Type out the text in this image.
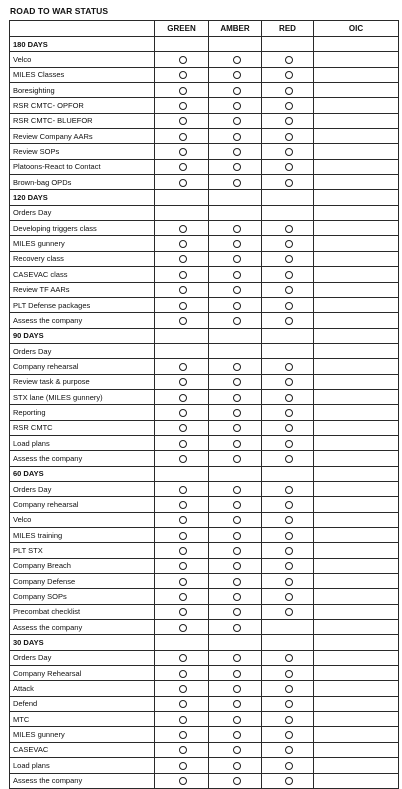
ROAD TO WAR STATUS
	GREEN	AMBER	RED	OIC
180 DAYS				
Velco				
MILES Classes				
Boresighting				
RSR CMTC- OPFOR				
RSR CMTC- BLUEFOR				
Review Company AARs				
Review SOPs				
Platoons-React to Contact				
Brown-bag OPDs				
120 DAYS				
Orders Day				
Developing triggers class				
MILES gunnery				
Recovery class				
CASEVAC class				
Review TF AARs				
PLT Defense packages				
Assess the company				
90 DAYS				
Orders Day				
Company rehearsal				
Review task & purpose				
STX lane (MILES gunnery)				
Reporting				
RSR CMTC				
Load plans				
Assess the company				
60 DAYS				
Orders Day				
Company rehearsal				
Velco				
MILES training				
PLT STX				
Company Breach				
Company Defense				
Company SOPs				
Precombat checklist				
Assess the company				
30 DAYS				
Orders Day				
Company Rehearsal				
Attack				
Defend				
MTC				
MILES gunnery				
CASEVAC				
Load plans				
Assess the company				
